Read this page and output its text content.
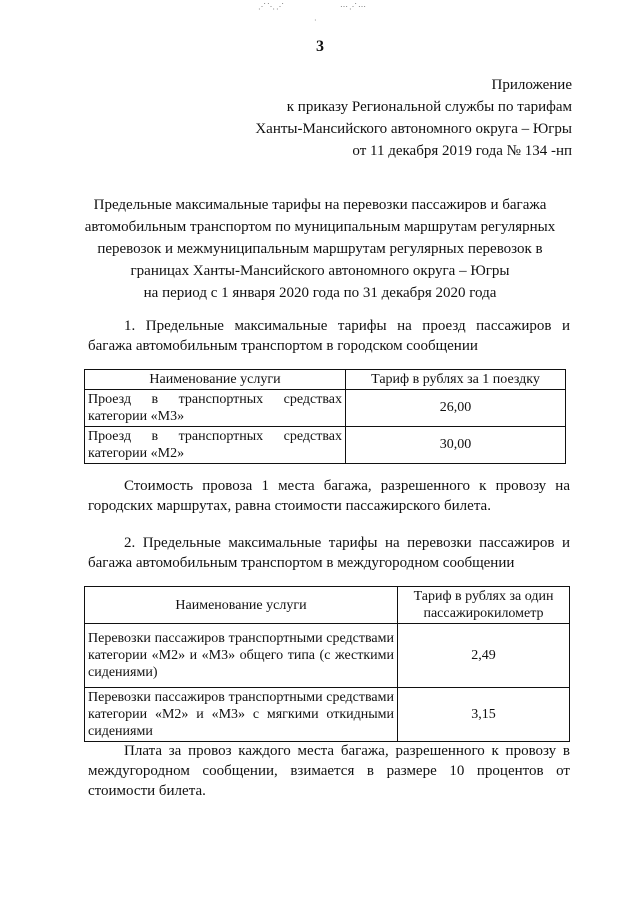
⋰⋱⋰	⋯⋰⋯
·
3
Приложение
к приказу Региональной службы по тарифам
Ханты-Мансийского автономного округа – Югры
от 11 декабря 2019 года № 134 -нп
Предельные максимальные тарифы на перевозки пассажиров и багажа
автомобильным транспортом по муниципальным маршрутам регулярных
перевозок и межмуниципальным маршрутам регулярных перевозок в
границах Ханты-Мансийского автономного округа – Югры
на период с 1 января 2020 года по 31 декабря 2020 года
1. Предельные максимальные тарифы на проезд пассажиров и багажа автомобильным транспортом в городском сообщении
Наименование услуги	Тариф в рублях за 1 поездку
Проезд в транспортных средствах категории «М3»	26,00
Проезд в транспортных средствах категории «М2»	30,00
Стоимость провоза 1 места багажа, разрешенного к провозу на городских маршрутах, равна стоимости пассажирского билета.
2. Предельные максимальные тарифы на перевозки пассажиров и багажа автомобильным транспортом в междугородном сообщении
Наименование услуги	Тариф в рублях за один пассажирокилометр
Перевозки пассажиров транспортными средствами категории «М2» и «М3» общего типа (с жесткими сидениями)	2,49
Перевозки пассажиров транспортными средствами категории «М2» и «М3» с мягкими откидными сидениями	3,15
Плата за провоз каждого места багажа, разрешенного к провозу в междугородном сообщении, взимается в размере 10 процентов от стоимости билета.
